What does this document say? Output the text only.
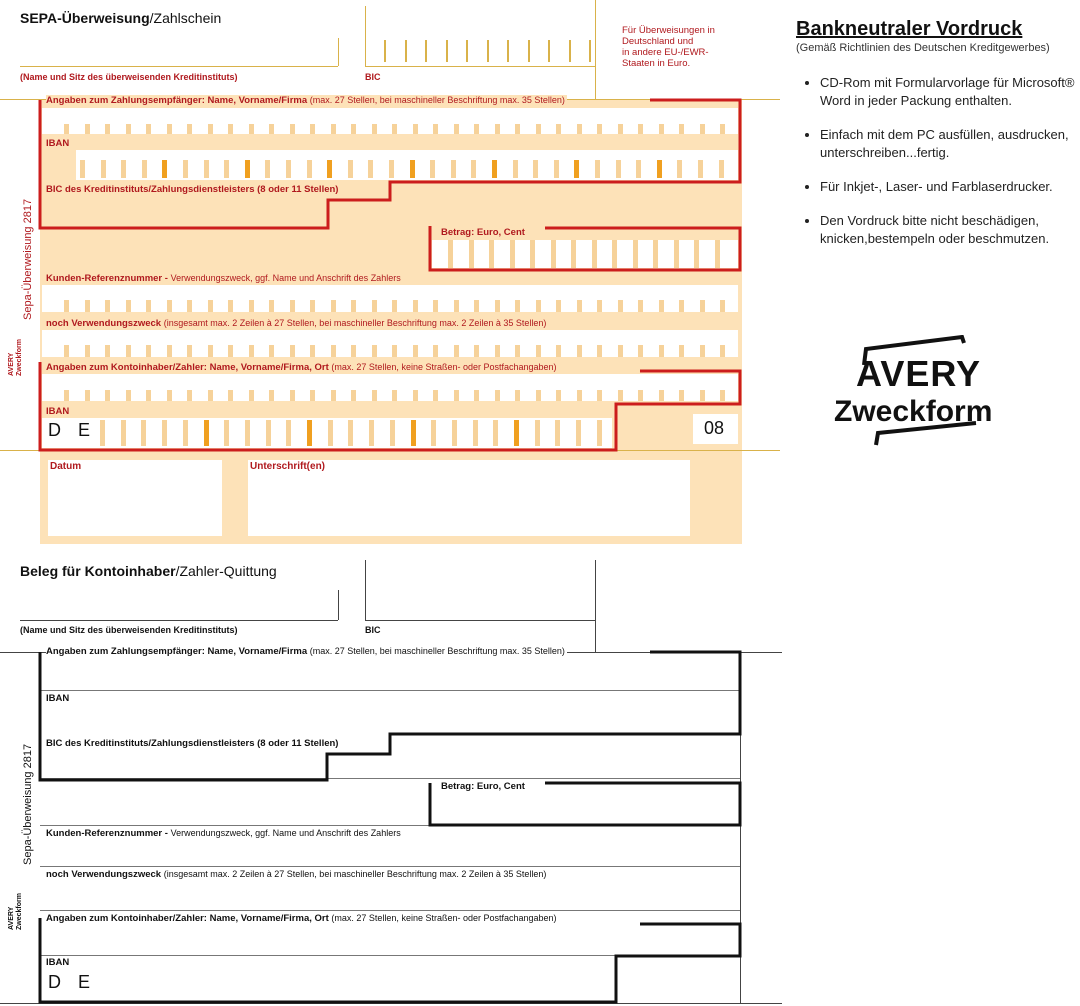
SEPA-Überweisung/Zahlschein
(Name und Sitz des überweisenden Kreditinstituts)	BIC
Für Überweisungen in
Deutschland und
in andere EU-/EWR-
Staaten in Euro.
Angaben zum Zahlungsempfänger: Name, Vorname/Firma (max. 27 Stellen, bei maschineller Beschriftung max. 35 Stellen)
IBAN
BIC des Kreditinstituts/Zahlungsdienstleisters (8 oder 11 Stellen)
Betrag: Euro, Cent
Kunden-Referenznummer - Verwendungszweck, ggf. Name und Anschrift des Zahlers
noch Verwendungszweck (insgesamt max. 2 Zeilen à 27 Stellen, bei maschineller Beschriftung max. 2 Zeilen à 35 Stellen)
Angaben zum Kontoinhaber/Zahler: Name, Vorname/Firma, Ort (max. 27 Stellen, keine Straßen- oder Postfachangaben)
IBAN
D E	08
Datum	Unterschrift(en)
Sepa-Überweisung 2817
AVERY Zweckform
Beleg für Kontoinhaber/Zahler-Quittung
(Name und Sitz des überweisenden Kreditinstituts)	BIC
Angaben zum Zahlungsempfänger: Name, Vorname/Firma (max. 27 Stellen, bei maschineller Beschriftung max. 35 Stellen)
IBAN
BIC des Kreditinstituts/Zahlungsdienstleisters (8 oder 11 Stellen)
Betrag: Euro, Cent
Kunden-Referenznummer - Verwendungszweck, ggf. Name und Anschrift des Zahlers
noch Verwendungszweck (insgesamt max. 2 Zeilen à 27 Stellen, bei maschineller Beschriftung max. 2 Zeilen à 35 Stellen)
Angaben zum Kontoinhaber/Zahler: Name, Vorname/Firma, Ort (max. 27 Stellen, keine Straßen- oder Postfachangaben)
IBAN
D E
Sepa-Überweisung 2817
AVERY Zweckform
Bankneutraler Vordruck
(Gemäß Richtlinien des Deutschen Kreditgewerbes)
• CD-Rom mit Formularvorlage für Microsoft® Word in jeder Packung enthalten.
• Einfach mit dem PC ausfüllen, ausdrucken, unterschreiben...fertig.
• Für Inkjet-, Laser- und Farblaserdrucker.
• Den Vordruck bitte nicht beschädigen, knicken,bestempeln oder beschmutzen.
AVERY
Zweckform
